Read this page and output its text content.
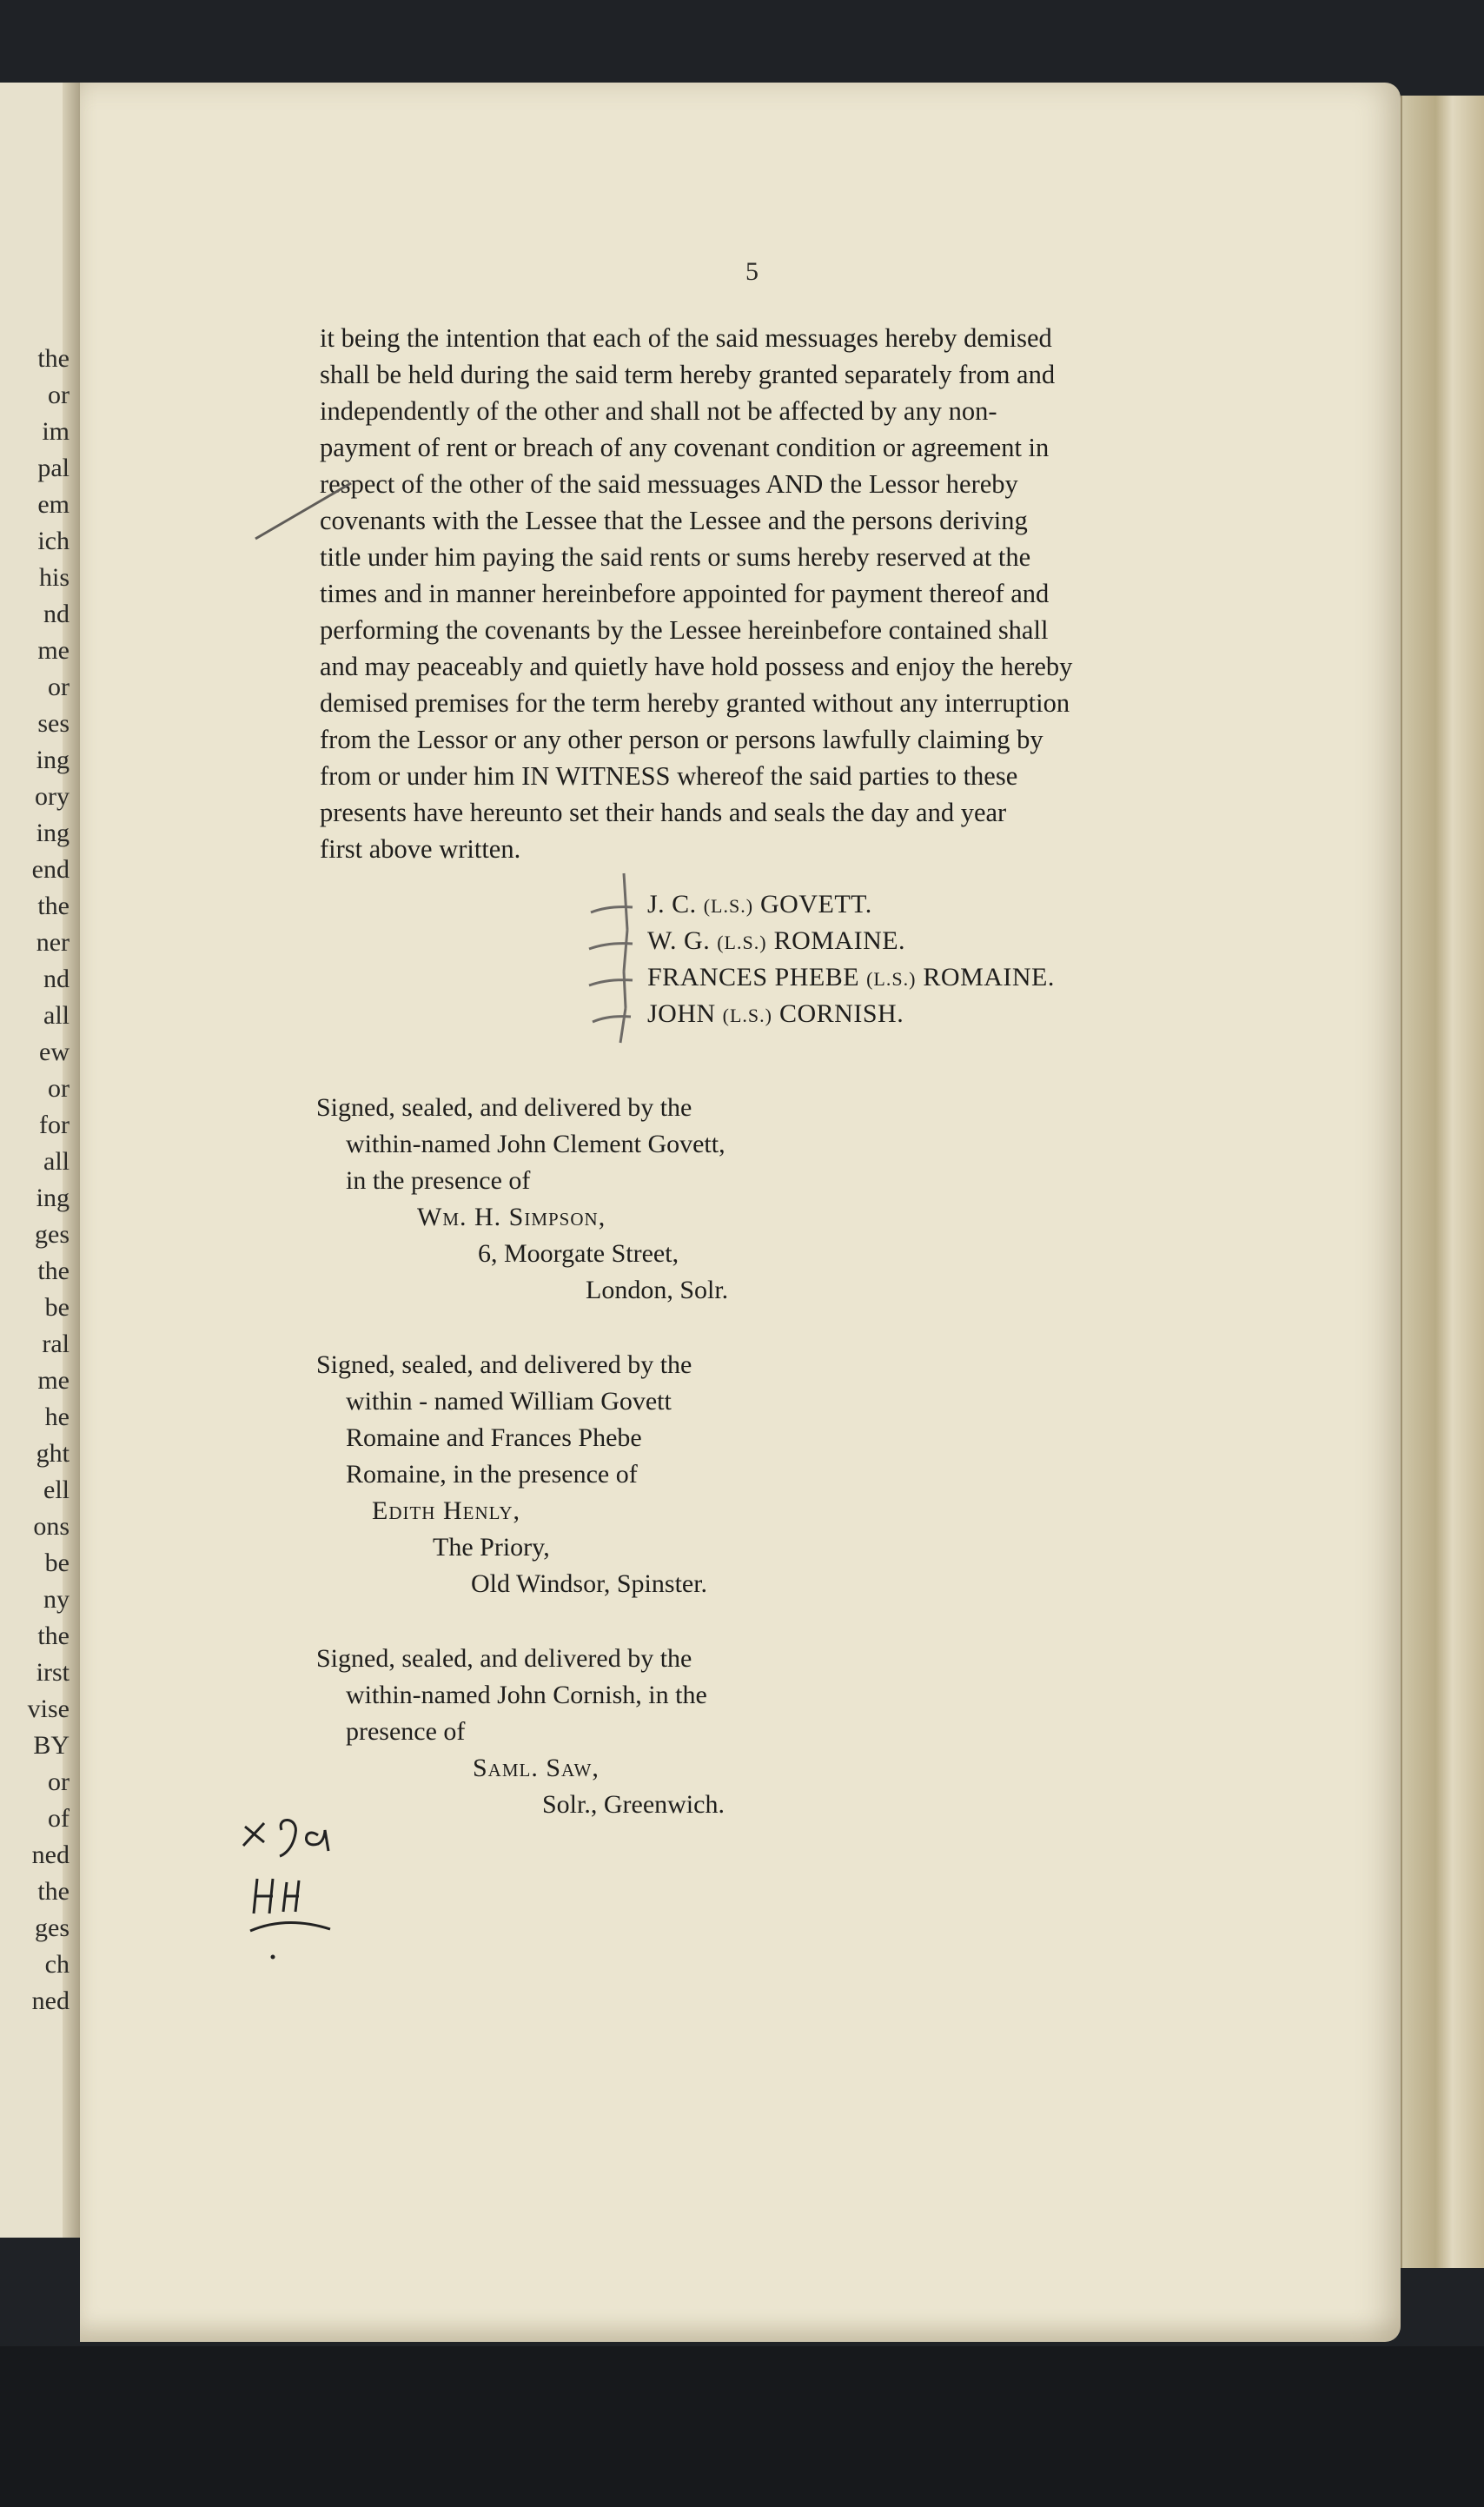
5
it being the intention that each of the said messuages hereby demised
shall be held during the said term hereby granted separately from and
independently of the other and shall not be affected by any non-
payment of rent or breach of any covenant condition or agreement in
respect of the other of the said messuages AND the Lessor hereby
covenants with the Lessee that the Lessee and the persons deriving
title under him paying the said rents or sums hereby reserved at the
times and in manner hereinbefore appointed for payment thereof and
performing the covenants by the Lessee hereinbefore contained shall
and may peaceably and quietly have hold possess and enjoy the hereby
demised premises for the term hereby granted without any interruption
from the Lessor or any other person or persons lawfully claiming by
from or under him IN WITNESS whereof the said parties to these
presents have hereunto set their hands and seals the day and year
first above written.
J. C. (L.S.) GOVETT.
W. G. (L.S.) ROMAINE.
FRANCES PHEBE (L.S.) ROMAINE.
JOHN (L.S.) CORNISH.
Signed, sealed, and delivered by the
within-named John Clement Govett,
in the presence of
Wm. H. Simpson,
6, Moorgate Street,
London, Solr.
Signed, sealed, and delivered by the
within - named William Govett
Romaine and Frances Phebe
Romaine, in the presence of
Edith Henly,
The Priory,
Old Windsor, Spinster.
Signed, sealed, and delivered by the
within-named John Cornish, in the
presence of
Saml. Saw,
Solr., Greenwich.
the
or
im
pal
em
ich
his
nd
me
or
ses
ing
ory
ing
end
the
ner
nd
all
ew
or
for
all
ing
ges
the
be
ral
me
he
ght
ell
ons
be
ny
the
irst
vise
BY
or
of
ned
the
ges
ch
ned
